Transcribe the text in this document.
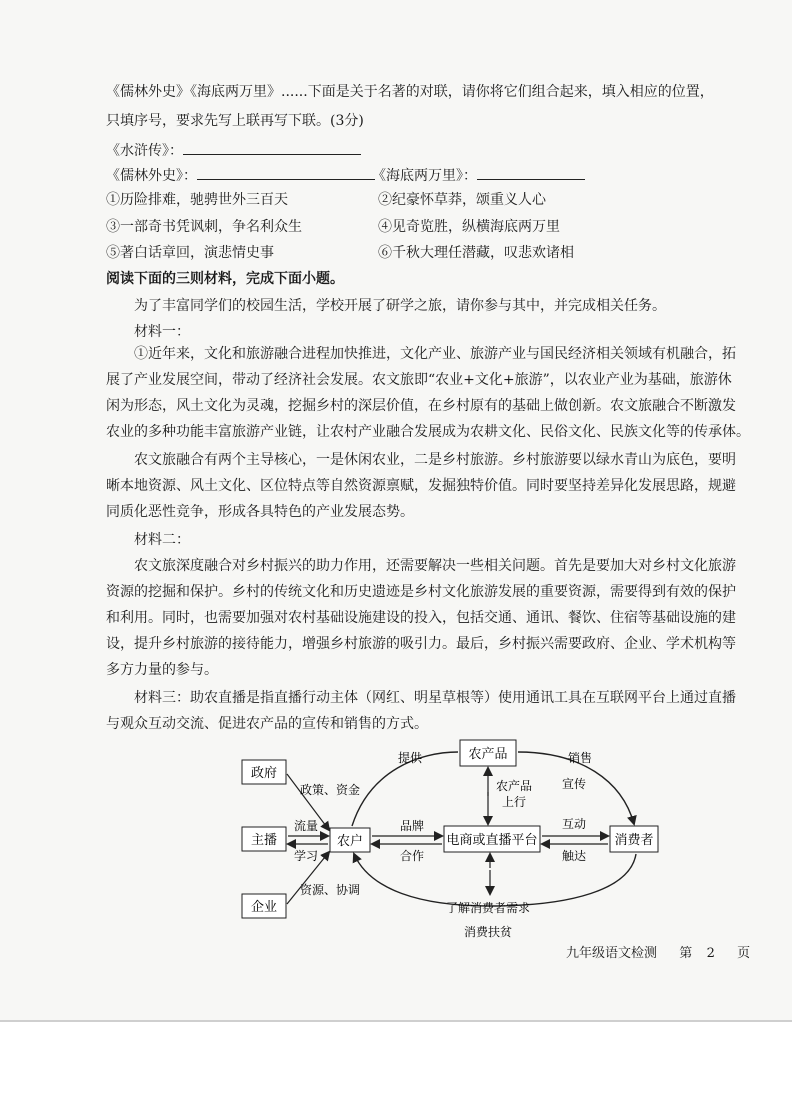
《儒林外史》《海底两万里》......下面是关于名著的对联，请你将它们组合起来，填入相应的位置，
只填序号，要求先写上联再写下联。(3分)
《水浒传》：
《儒林外史》：	《海底两万里》：
①历险排难，驰骋世外三百天	②纪豪怀草莽，颂重义人心
③一部奇书凭讽刺，争名利众生	④见奇览胜，纵横海底两万里
⑤著白话章回，演悲情史事	⑥千秋大理任潜藏，叹悲欢诸相
阅读下面的三则材料，完成下面小题。
为了丰富同学们的校园生活，学校开展了研学之旅，请你参与其中，并完成相关任务。
材料一：
①近年来，文化和旅游融合进程加快推进，文化产业、旅游产业与国民经济相关领域有机融合，拓
展了产业发展空间，带动了经济社会发展。农文旅即“农业+文化+旅游”，以农业产业为基础，旅游休
闲为形态，风土文化为灵魂，挖掘乡村的深层价值，在乡村原有的基础上做创新。农文旅融合不断激发
农业的多种功能丰富旅游产业链，让农村产业融合发展成为农耕文化、民俗文化、民族文化等的传承体。
农文旅融合有两个主导核心，一是休闲农业，二是乡村旅游。乡村旅游要以绿水青山为底色，要明
晰本地资源、风土文化、区位特点等自然资源禀赋，发掘独特价值。同时要坚持差异化发展思路，规避
同质化恶性竞争，形成各具特色的产业发展态势。
材料二：
农文旅深度融合对乡村振兴的助力作用，还需要解决一些相关问题。首先是要加大对乡村文化旅游
资源的挖掘和保护。乡村的传统文化和历史遗迹是乡村文化旅游发展的重要资源，需要得到有效的保护
和利用。同时，也需要加强对农村基础设施建设的投入，包括交通、通讯、餐饮、住宿等基础设施的建
设，提升乡村旅游的接待能力，增强乡村旅游的吸引力。最后，乡村振兴需要政府、企业、学术机构等
多方力量的参与。
材料三：助农直播是指直播行动主体（网红、明星草根等）使用通讯工具在互联网平台上通过直播
与观众互动交流、促进农产品的宣传和销售的方式。
政府
主播
企业
农户
农产品
电商或直播平台	消费者
政策、资金
流量
学习
资源、协调
提供	销售
宣传
农产品
上行
品牌
合作
互动
触达
了解消费者需求
消费扶贫
九年级语文检测 第 2 页
